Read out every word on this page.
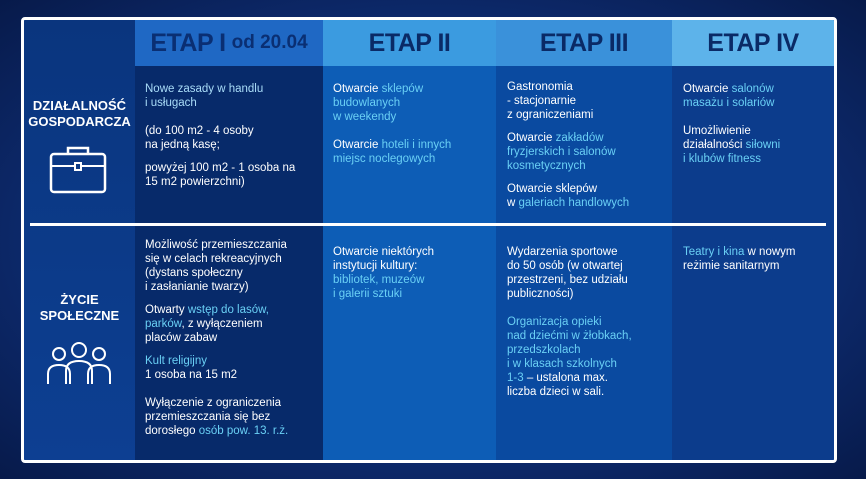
ETAP I od 20.04 ETAP II	ETAP III	ETAP IV
DZIAŁALNOŚĆ
GOSPODARCZA

Nowe zasady w handlu
i usługach

(do 100 m2 - 4 osoby
na jedną kasę;

powyżej 100 m2 - 1 osoba na
15 m2 powierzchni)

Otwarcie sklepów
budowlanych
w weekendy

Otwarcie hoteli i innych
miejsc noclegowych

Gastronomia
- stacjonarnie
z ograniczeniami

Otwarcie zakładów
fryzjerskich i salonów
kosmetycznych

Otwarcie sklepów
w galeriach handlowych

Otwarcie salonów
masażu i solariów

Umożliwienie
działalności siłowni
i klubów fitness

ŻYCIE
SPOŁECZNE

Możliwość przemieszczania
się w celach rekreacyjnych
(dystans społeczny
i zasłanianie twarzy)

Otwarty wstęp do lasów,
parków, z wyłączeniem
placów zabaw

Kult religijny
1 osoba na 15 m2

Wyłączenie z ograniczenia
przemieszczania się bez
dorosłego osób pow. 13. r.ż.

Otwarcie niektórych
instytucji kultury:
bibliotek, muzeów
i galerii sztuki

Wydarzenia sportowe
do 50 osób (w otwartej
przestrzeni, bez udziału
publiczności)

Organizacja opieki
nad dziećmi w żłobkach,
przedszkolach
i w klasach szkolnych
1-3 – ustalona max.
liczba dzieci w sali.

Teatry i kina w nowym
reżimie sanitarnym
